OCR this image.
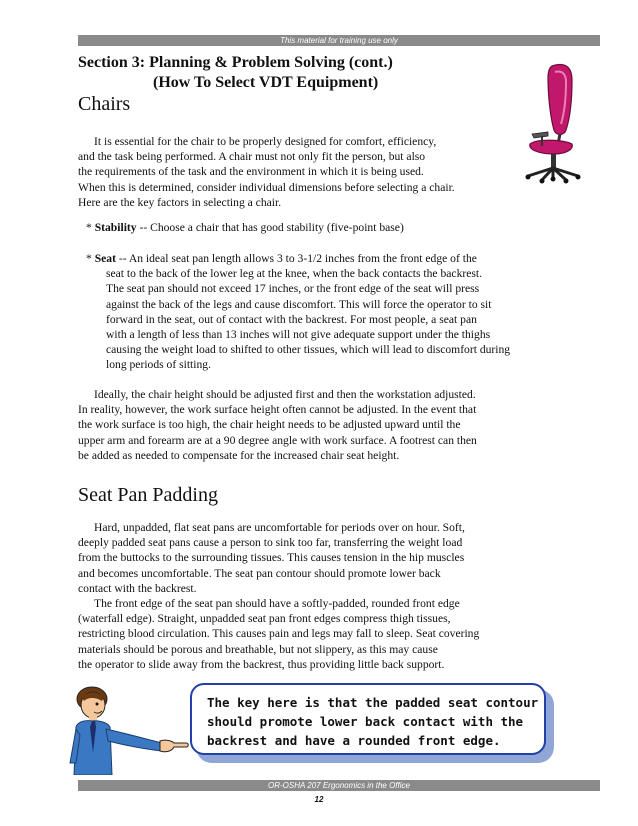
This material for training use only
Section 3: Planning & Problem Solving (cont.)
(How To Select VDT Equipment)
Chairs
It is essential for the chair to be properly designed for comfort, efficiency,
and the task being performed. A chair must not only fit the person, but also
the requirements of the task and the environment in which it is being used.
When this is determined, consider individual dimensions before selecting a chair.
Here are the key factors in selecting a chair.
* Stability -- Choose a chair that has good stability (five-point base)
* Seat -- An ideal seat pan length allows 3 to 3-1/2 inches from the front edge of the
seat to the back of the lower leg at the knee, when the back contacts the backrest.
The seat pan should not exceed 17 inches, or the front edge of the seat will press
against the back of the legs and cause discomfort. This will force the operator to sit
forward in the seat, out of contact with the backrest. For most people, a seat pan
with a length of less than 13 inches will not give adequate support under the thighs
causing the weight load to shifted to other tissues, which will lead to discomfort during
long periods of sitting.
Ideally, the chair height should be adjusted first and then the workstation adjusted.
In reality, however, the work surface height often cannot be adjusted. In the event that
the work surface is too high, the chair height needs to be adjusted upward until the
upper arm and forearm are at a 90 degree angle with work surface. A footrest can then
be added as needed to compensate for the increased chair seat height.
Seat Pan Padding
Hard, unpadded, flat seat pans are uncomfortable for periods over on hour. Soft,
deeply padded seat pans cause a person to sink too far, transferring the weight load
from the buttocks to the surrounding tissues. This causes tension in the hip muscles
and becomes uncomfortable. The seat pan contour should promote lower back
contact with the backrest.
The front edge of the seat pan should have a softly-padded, rounded front edge
(waterfall edge). Straight, unpadded seat pan front edges compress thigh tissues,
restricting blood circulation. This causes pain and legs may fall to sleep. Seat covering
materials should be porous and breathable, but not slippery, as this may cause
the operator to slide away from the backrest, thus providing little back support.
The key here is that the padded seat contour
should promote lower back contact with the
backrest and have a rounded front edge.
OR-OSHA 207 Ergonomics in the Office
12
